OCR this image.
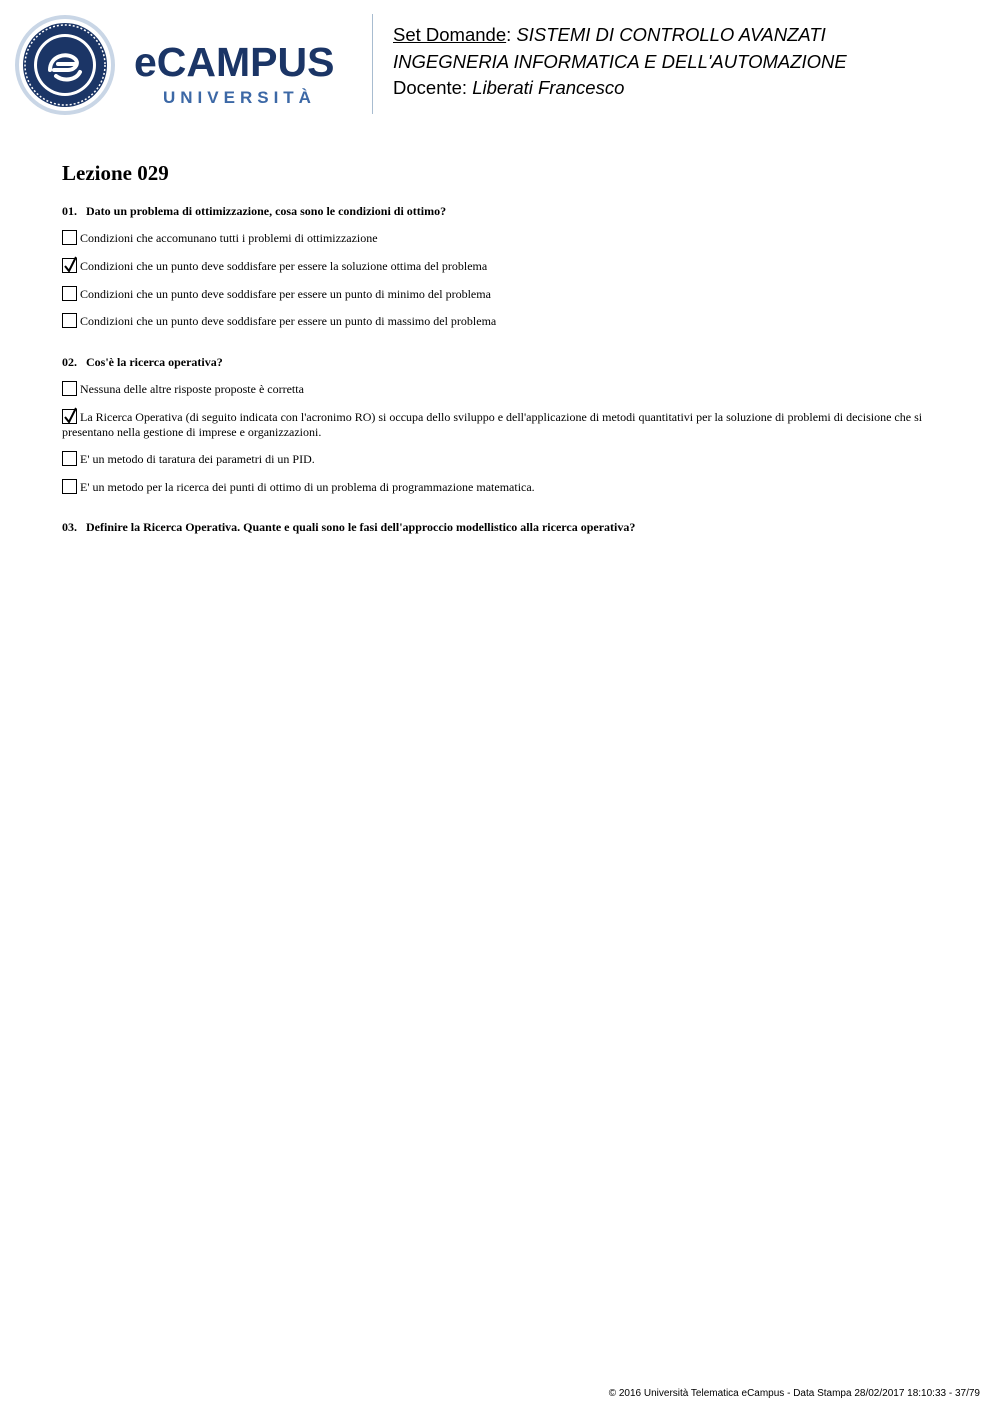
eCAMPUS
UNIVERSITÀ
Set Domande: SISTEMI DI CONTROLLO AVANZATI
INGEGNERIA INFORMATICA E DELL'AUTOMAZIONE
Docente: Liberati Francesco
Lezione 029
01. Dato un problema di ottimizzazione, cosa sono le condizioni di ottimo?
Condizioni che accomunano tutti i problemi di ottimizzazione
Condizioni che un punto deve soddisfare per essere la soluzione ottima del problema
Condizioni che un punto deve soddisfare per essere un punto di minimo del problema
Condizioni che un punto deve soddisfare per essere un punto di massimo del problema
02. Cos'è la ricerca operativa?
Nessuna delle altre risposte proposte è corretta
La Ricerca Operativa (di seguito indicata con l'acronimo RO) si occupa dello sviluppo e dell'applicazione di metodi quantitativi per la soluzione di problemi di decisione che si presentano nella gestione di imprese e organizzazioni.
E' un metodo di taratura dei parametri di un PID.
E' un metodo per la ricerca dei punti di ottimo di un problema di programmazione matematica.
03. Definire la Ricerca Operativa. Quante e quali sono le fasi dell'approccio modellistico alla ricerca operativa?
© 2016 Università Telematica eCampus - Data Stampa 28/02/2017 18:10:33 - 37/79
